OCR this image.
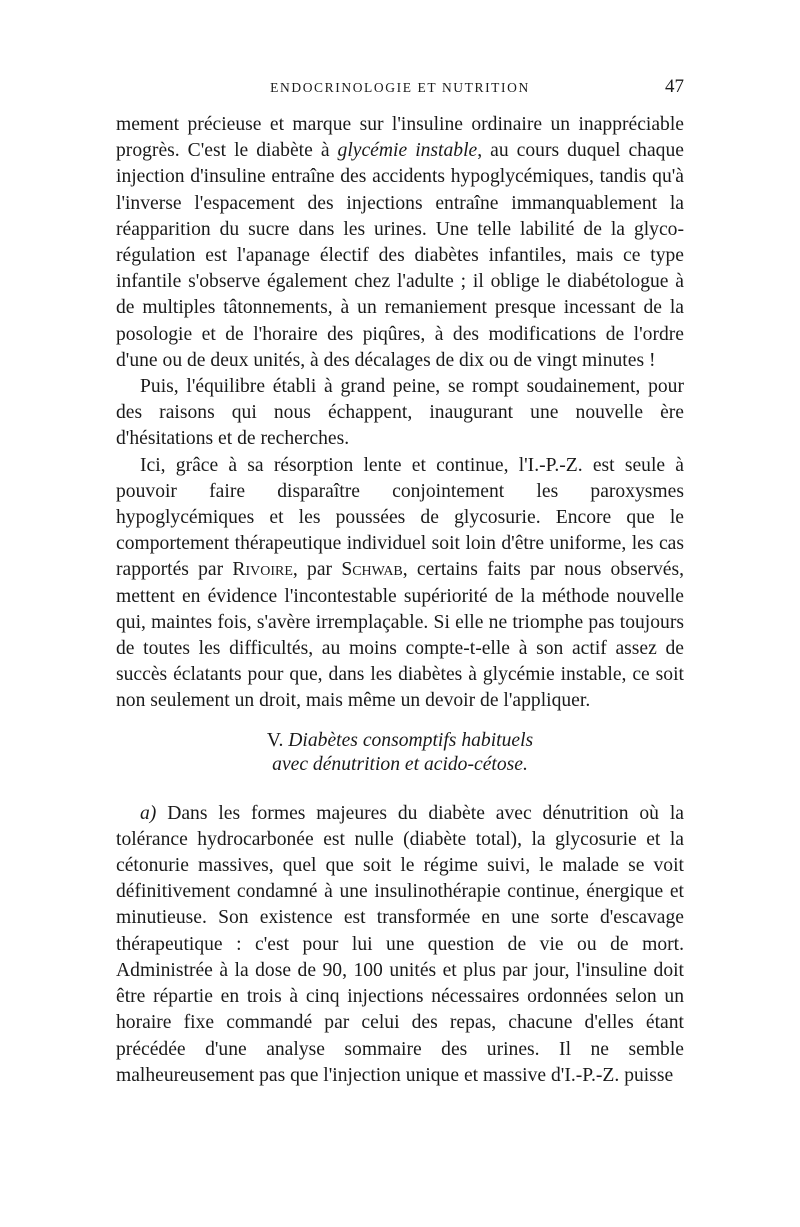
ENDOCRINOLOGIE ET NUTRITION	47

mement précieuse et marque sur l'insuline ordinaire un inappréciable progrès. C'est le diabète à glycémie instable, au cours duquel chaque injection d'insuline entraîne des accidents hypoglycémiques, tandis qu'à l'inverse l'espacement des injections entraîne immanquablement la réapparition du sucre dans les urines. Une telle labilité de la glyco-régulation est l'apanage électif des diabètes infantiles, mais ce type infantile s'observe également chez l'adulte ; il oblige le diabétologue à de multiples tâtonnements, à un remaniement presque incessant de la posologie et de l'horaire des piqûres, à des modifications de l'ordre d'une ou de deux unités, à des décalages de dix ou de vingt minutes !

Puis, l'équilibre établi à grand peine, se rompt soudainement, pour des raisons qui nous échappent, inaugurant une nouvelle ère d'hésitations et de recherches.

Ici, grâce à sa résorption lente et continue, l'I.-P.-Z. est seule à pouvoir faire disparaître conjointement les paroxysmes hypoglycémiques et les poussées de glycosurie. Encore que le comportement thérapeutique individuel soit loin d'être uniforme, les cas rapportés par Rivoire, par Schwab, certains faits par nous observés, mettent en évidence l'incontestable supériorité de la méthode nouvelle qui, maintes fois, s'avère irremplaçable. Si elle ne triomphe pas toujours de toutes les difficultés, au moins compte-t-elle à son actif assez de succès éclatants pour que, dans les diabètes à glycémie instable, ce soit non seulement un droit, mais même un devoir de l'appliquer.

V. Diabètes consomptifs habituels
avec dénutrition et acido-cétose.

a) Dans les formes majeures du diabète avec dénutrition où la tolérance hydrocarbonée est nulle (diabète total), la glycosurie et la cétonurie massives, quel que soit le régime suivi, le malade se voit définitivement condamné à une insulinothérapie continue, énergique et minutieuse. Son existence est transformée en une sorte d'escavage thérapeutique : c'est pour lui une question de vie ou de mort. Administrée à la dose de 90, 100 unités et plus par jour, l'insuline doit être répartie en trois à cinq injections nécessaires ordonnées selon un horaire fixe commandé par celui des repas, chacune d'elles étant précédée d'une analyse sommaire des urines. Il ne semble malheureusement pas que l'injection unique et massive d'I.-P.-Z. puisse
